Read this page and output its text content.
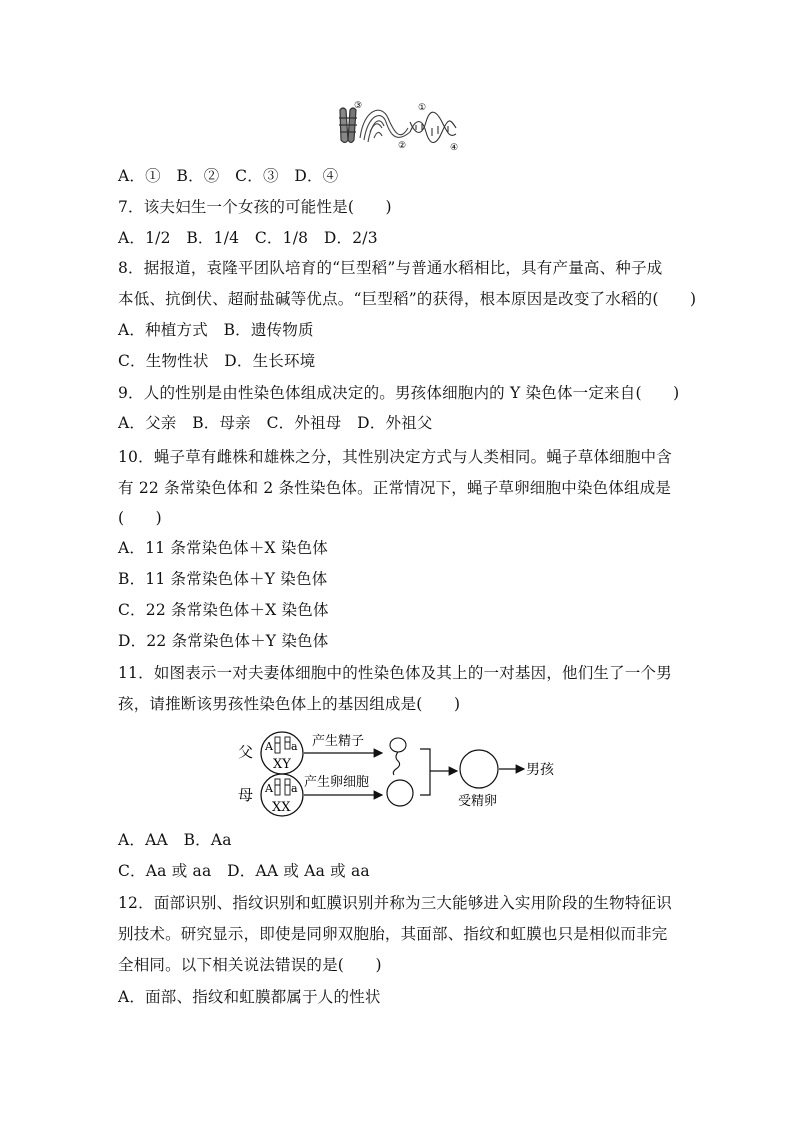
①
②
③
④
A．①　B．②　C．③　D．④
7．该夫妇生一个女孩的可能性是(　　)
A．1/2　B．1/4　C．1/8　D．2/3
8．据报道，袁隆平团队培育的“巨型稻”与普通水稻相比，具有产量高、种子成
本低、抗倒伏、超耐盐碱等优点。“巨型稻”的获得，根本原因是改变了水稻的(　　)
A．种植方式　B．遗传物质
C．生物性状　D．生长环境
9．人的性别是由性染色体组成决定的。男孩体细胞内的 Y 染色体一定来自(　　)
A．父亲　B．母亲　C．外祖母　D．外祖父
10．蝇子草有雌株和雄株之分，其性别决定方式与人类相同。蝇子草体细胞中含
有 22 条常染色体和 2 条性染色体。正常情况下，蝇子草卵细胞中染色体组成是
(　　)
A．11 条常染色体＋X 染色体
B．11 条常染色体＋Y 染色体
C．22 条常染色体＋X 染色体
D．22 条常染色体＋Y 染色体
11．如图表示一对夫妻体细胞中的性染色体及其上的一对基因，他们生了一个男
孩，请推断该男孩性染色体上的基因组成是(　　)
父 A a
XY
产生精子
母 A a
XX
产生卵细胞
受精卵
男孩
A．AA　B．Aa
C．Aa 或 aa　D．AA 或 Aa 或 aa
12．面部识别、指纹识别和虹膜识别并称为三大能够进入实用阶段的生物特征识
别技术。研究显示，即使是同卵双胞胎，其面部、指纹和虹膜也只是相似而非完
全相同。以下相关说法错误的是(　　)
A．面部、指纹和虹膜都属于人的性状
